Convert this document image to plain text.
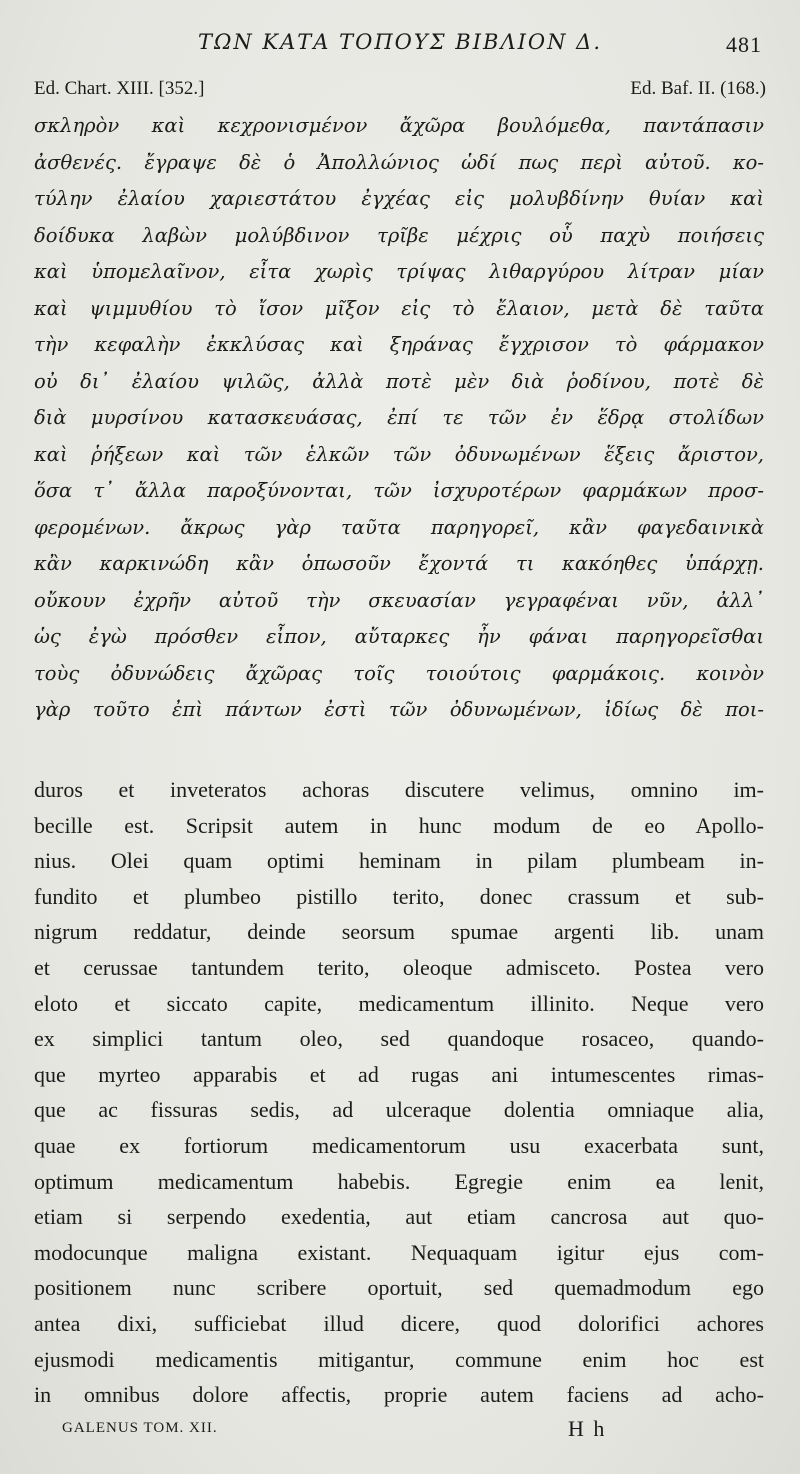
ΤΩΝ ΚΑΤΑ ΤΟΠΟΥΣ ΒΙΒΛΙΟΝ Δ.	481
Ed. Chart. XIII. [352.]	Ed. Baf. II. (168.)
σκληρὸν καὶ κεχρονισμένον ἄχῶρα βουλόμεθα, παντάπασιν
ἀσθενές. ἔγραψε δὲ ὁ Ἀπολλώνιος ὡδί πως περὶ αὐτοῦ. κο-
τύλην ἐλαίου χαριεστάτου ἐγχέας εἰς μολυβδίνην θυίαν καὶ
δοίδυκα λαβὼν μολύβδινον τρῖβε μέχρις οὗ παχὺ ποιήσεις
καὶ ὑπομελαῖνον, εἶτα χωρὶς τρίψας λιθαργύρου λίτραν μίαν
καὶ ψιμμυθίου τὸ ἴσον μῖξον εἰς τὸ ἔλαιον, μετὰ δὲ ταῦτα
τὴν κεφαλὴν ἐκκλύσας καὶ ξηράνας ἔγχρισον τὸ φάρμακον
οὐ δι᾽ ἐλαίου ψιλῶς, ἀλλὰ ποτὲ μὲν διὰ ῥοδίνου, ποτὲ δὲ
διὰ μυρσίνου κατασκευάσας, ἐπί τε τῶν ἐν ἕδρᾳ στολίδων
καὶ ῥήξεων καὶ τῶν ἑλκῶν τῶν ὀδυνωμένων ἕξεις ἄριστον,
ὅσα τ᾽ ἄλλα παροξύνονται, τῶν ἰσχυροτέρων φαρμάκων προσ-
φερομένων. ἄκρως γὰρ ταῦτα παρηγορεῖ, κἂν φαγεδαινικὰ
κἂν καρκινώδη κἂν ὁπωσοῦν ἔχοντά τι κακόηθες ὑπάρχῃ.
οὔκουν ἐχρῆν αὐτοῦ τὴν σκευασίαν γεγραφέναι νῦν, ἀλλ᾽
ὡς ἐγὼ πρόσθεν εἶπον, αὔταρκες ἦν φάναι παρηγορεῖσθαι
τοὺς ὀδυνώδεις ἄχῶρας τοῖς τοιούτοις φαρμάκοις. κοινὸν
γὰρ τοῦτο ἐπὶ πάντων ἐστὶ τῶν ὀδυνωμένων, ἰδίως δὲ ποι-
duros et inveteratos achoras discutere velimus, omnino im-
becille est. Scripsit autem in hunc modum de eo Apollo-
nius. Olei quam optimi heminam in pilam plumbeam in-
fundito et plumbeo pistillo terito, donec crassum et sub-
nigrum reddatur, deinde seorsum spumae argenti lib. unam
et cerussae tantundem terito, oleoque admisceto. Postea vero
eloto et siccato capite, medicamentum illinito. Neque vero
ex simplici tantum oleo, sed quandoque rosaceo, quando-
que myrteo apparabis et ad rugas ani intumescentes rimas-
que ac fissuras sedis, ad ulceraque dolentia omniaque alia,
quae ex fortiorum medicamentorum usu exacerbata sunt,
optimum medicamentum habebis. Egregie enim ea lenit,
etiam si serpendo exedentia, aut etiam cancrosa aut quo-
modocunque maligna existant. Nequaquam igitur ejus com-
positionem nunc scribere oportuit, sed quemadmodum ego
antea dixi, sufficiebat illud dicere, quod dolorifici achores
ejusmodi medicamentis mitigantur, commune enim hoc est
in omnibus dolore affectis, proprie autem faciens ad acho-
GALENUS TOM. XII.	H h
